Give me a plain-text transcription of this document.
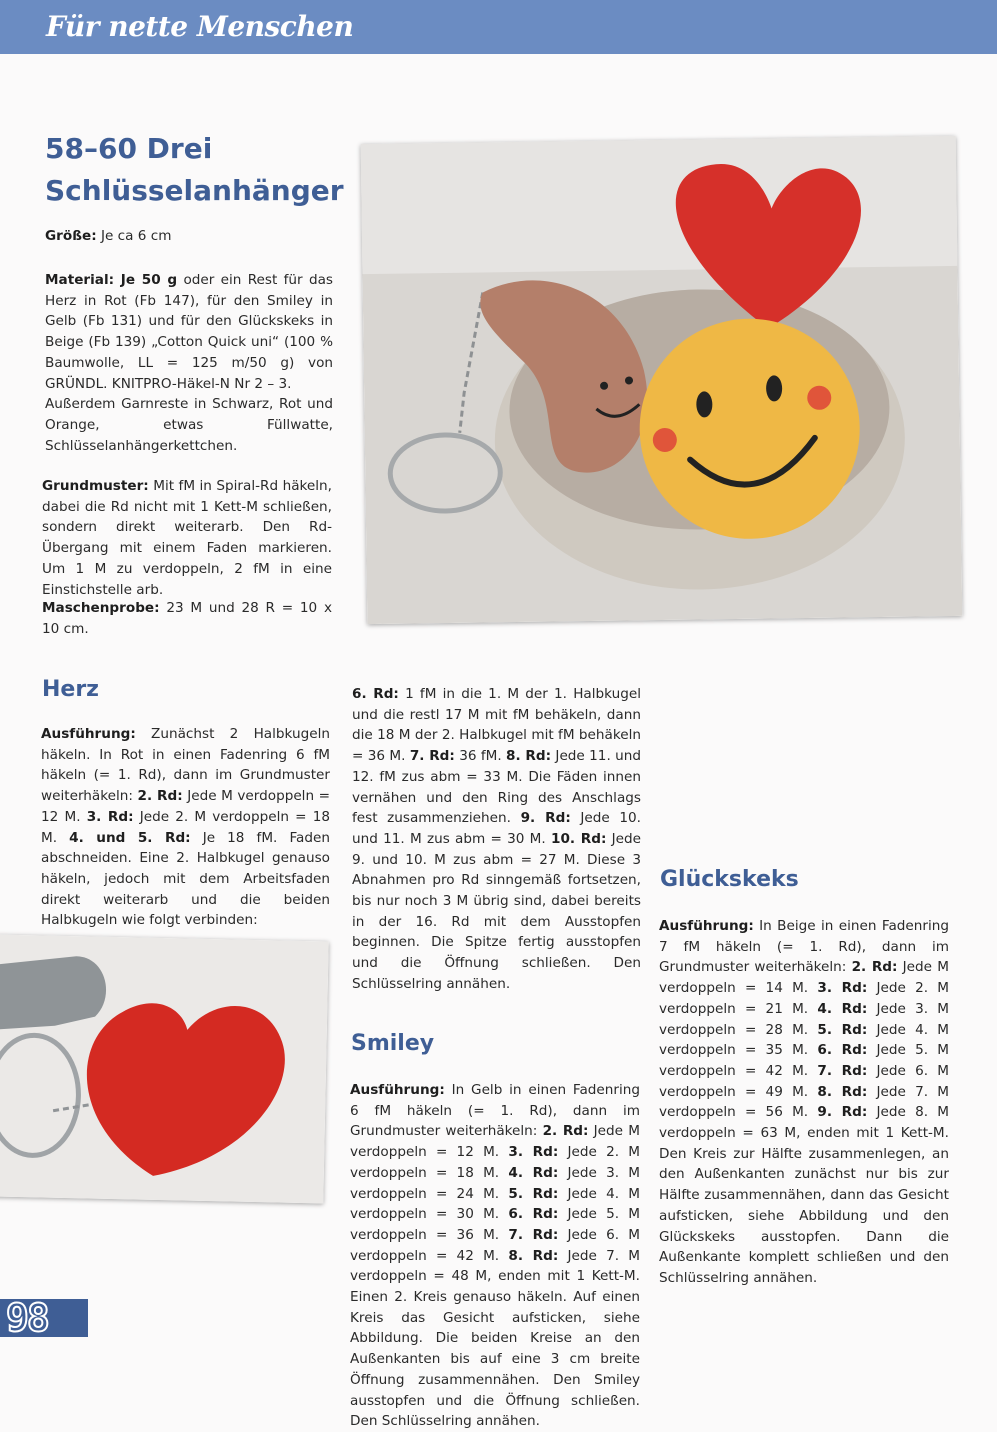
Für nette Menschen
58–60 Drei Schlüsselanhänger

Größe: Je ca 6 cm

Material: Je 50 g oder ein Rest für das Herz in Rot (Fb 147), für den Smiley in Gelb (Fb 131) und für den Glückskeks in Beige (Fb 139) „Cotton Quick uni“ (100 % Baumwolle, LL = 125 m/50 g) von GRÜNDL. KNITPRO-Häkel-N Nr 2 – 3.
Außerdem Garnreste in Schwarz, Rot und Orange, etwas Füllwatte, Schlüsselanhängerkettchen.

Grundmuster: Mit fM in Spiral-Rd häkeln, dabei die Rd nicht mit 1 Kett-M schließen, sondern direkt weiterarb. Den Rd-Übergang mit einem Faden markieren. Um 1 M zu verdoppeln, 2 fM in eine Einstichstelle arb.

Maschenprobe: 23 M und 28 R = 10 x 10 cm.

Herz

Ausführung: Zunächst 2 Halbkugeln häkeln. In Rot in einen Fadenring 6 fM häkeln (= 1. Rd), dann im Grundmuster weiterhäkeln: 2. Rd: Jede M verdoppeln = 12 M. 3. Rd: Jede 2. M verdoppeln = 18 M. 4. und 5. Rd: Je 18 fM. Faden abschneiden. Eine 2. Halbkugel genauso häkeln, jedoch mit dem Arbeitsfaden direkt weiterarb und die beiden Halbkugeln wie folgt verbinden:

6. Rd: 1 fM in die 1. M der 1. Halbkugel und die restl 17 M mit fM behäkeln, dann die 18 M der 2. Halbkugel mit fM behäkeln = 36 M. 7. Rd: 36 fM. 8. Rd: Jede 11. und 12. fM zus abm = 33 M. Die Fäden innen vernähen und den Ring des Anschlags fest zusammenziehen. 9. Rd: Jede 10. und 11. M zus abm = 30 M. 10. Rd: Jede 9. und 10. M zus abm = 27 M. Diese 3 Abnahmen pro Rd sinngemäß fortsetzen, bis nur noch 3 M übrig sind, dabei bereits in der 16. Rd mit dem Ausstopfen beginnen. Die Spitze fertig ausstopfen und die Öffnung schließen. Den Schlüsselring annähen.

Smiley

Ausführung: In Gelb in einen Fadenring 6 fM häkeln (= 1. Rd), dann im Grundmuster weiterhäkeln: 2. Rd: Jede M verdoppeln = 12 M. 3. Rd: Jede 2. M verdoppeln = 18 M. 4. Rd: Jede 3. M verdoppeln = 24 M. 5. Rd: Jede 4. M verdoppeln = 30 M. 6. Rd: Jede 5. M verdoppeln = 36 M. 7. Rd: Jede 6. M verdoppeln = 42 M. 8. Rd: Jede 7. M verdoppeln = 48 M, enden mit 1 Kett-M. Einen 2. Kreis genauso häkeln. Auf einen Kreis das Gesicht aufsticken, siehe Abbildung. Die beiden Kreise an den Außenkanten bis auf eine 3 cm breite Öffnung zusammennähen. Den Smiley ausstopfen und die Öffnung schließen. Den Schlüsselring annähen.

Glückskeks

Ausführung: In Beige in einen Fadenring 7 fM häkeln (= 1. Rd), dann im Grundmuster weiterhäkeln: 2. Rd: Jede M verdoppeln = 14 M. 3. Rd: Jede 2. M verdoppeln = 21 M. 4. Rd: Jede 3. M verdoppeln = 28 M. 5. Rd: Jede 4. M verdoppeln = 35 M. 6. Rd: Jede 5. M verdoppeln = 42 M. 7. Rd: Jede 6. M verdoppeln = 49 M. 8. Rd: Jede 7. M verdoppeln = 56 M. 9. Rd: Jede 8. M verdoppeln = 63 M, enden mit 1 Kett-M. Den Kreis zur Hälfte zusammenlegen, an den Außenkanten zunächst nur bis zur Hälfte zusammennähen, dann das Gesicht aufsticken, siehe Abbildung und den Glückskeks ausstopfen. Dann die Außenkante komplett schließen und den Schlüsselring annähen.

98
